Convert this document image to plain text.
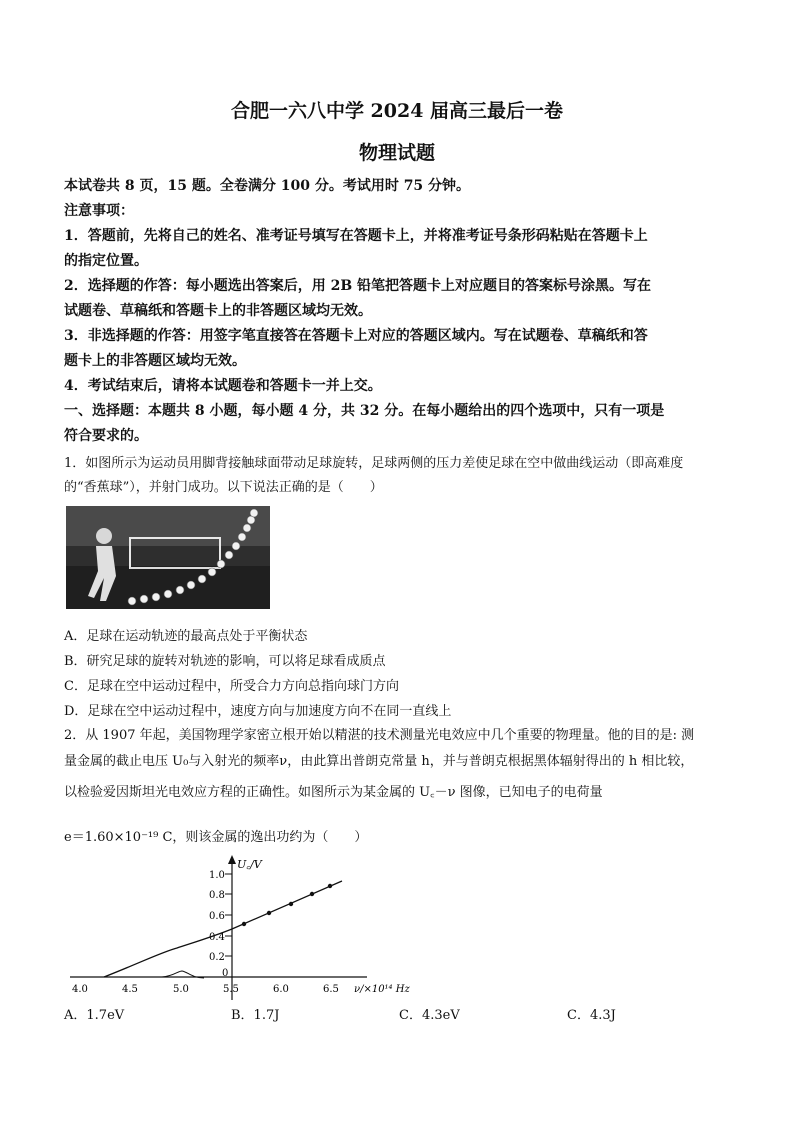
合肥一六八中学 2024 届高三最后一卷
物理试题
本试卷共 8 页，15 题。全卷满分 100 分。考试用时 75 分钟。
注意事项：
1．答题前，先将自己的姓名、准考证号填写在答题卡上，并将准考证号条形码粘贴在答题卡上
的指定位置。
2．选择题的作答：每小题选出答案后，用 2B 铅笔把答题卡上对应题目的答案标号涂黑。写在
试题卷、草稿纸和答题卡上的非答题区域均无效。
3．非选择题的作答：用签字笔直接答在答题卡上对应的答题区域内。写在试题卷、草稿纸和答
题卡上的非答题区域均无效。
4．考试结束后，请将本试题卷和答题卡一并上交。
一、选择题：本题共 8 小题，每小题 4 分，共 32 分。在每小题给出的四个选项中，只有一项是
符合要求的。
1．如图所示为运动员用脚背接触球面带动足球旋转，足球两侧的压力差使足球在空中做曲线运动（即高难度
的“香蕉球”），并射门成功。以下说法正确的是（　　）
A．足球在运动轨迹的最高点处于平衡状态
B．研究足球的旋转对轨迹的影响，可以将足球看成质点
C．足球在空中运动过程中，所受合力方向总指向球门方向
D．足球在空中运动过程中，速度方向与加速度方向不在同一直线上
2．从 1907 年起，美国物理学家密立根开始以精湛的技术测量光电效应中几个重要的物理量。他的目的是: 测
量金属的截止电压 U₀与入射光的频率ν，由此算出普朗克常量 h，并与普朗克根据黑体辐射得出的 h 相比较，
以检验爱因斯坦光电效应方程的正确性。如图所示为某金属的 U꜀－ν 图像，已知电子的电荷量
e＝1.60×10⁻¹⁹ C，则该金属的逸出功约为（　　）
1.0
0.8
0.6
0.4
0.2
0
U꜀/V
4.0	4.5	5.0	5.5	6.0	6.5 ν/×10¹⁴ Hz
A．1.7eV	B．1.7J	C．4.3eV	C．4.3J
